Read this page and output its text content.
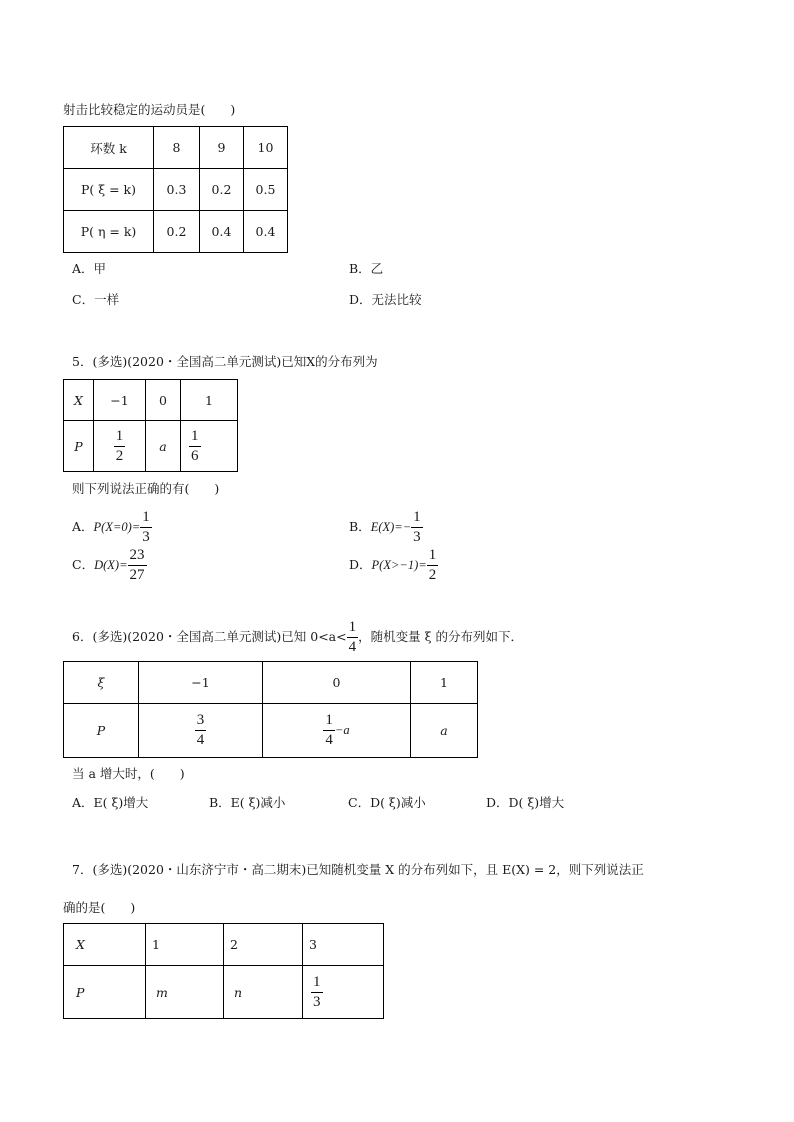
射击比较稳定的运动员是(　　)
环数 k	8	9	10
P( ξ = k)	0.3	0.2	0.5
P( η = k)	0.2	0.4	0.4
A．甲	B．乙
C．一样	D．无法比较
5．(多选)(2020・全国高二单元测试)已知X的分布列为
X	−1	0	1
P	$\frac{1}{2}$	a	$\frac{1}{6}$
则下列说法正确的有(　　)
A． $P(X=0)= \frac{1}{3}$	B． $E(X)=- \frac{1}{3}$
C． $D(X)= \frac{23}{27}$	D． $P(X>-1)= \frac{1}{2}$
6．(多选)(2020・全国高二单元测试)已知 $0<a< \frac{1}{4}$ ，随机变量 ξ 的分布列如下．
ξ	−1	0	1
P	$\frac{3}{4}$	$\frac{1}{4} -a$	a
当 a 增大时，(　　)
A．E( ξ)增大	B．E( ξ)减小	C．D( ξ)减小	D．D( ξ)增大
7．(多选)(2020・山东济宁市・高二期末)已知随机变量 X 的分布列如下，且 E(X) = 2，则下列说法正
确的是(　　)
X	1	2	3
P	m	n	$\frac{1}{3}$
